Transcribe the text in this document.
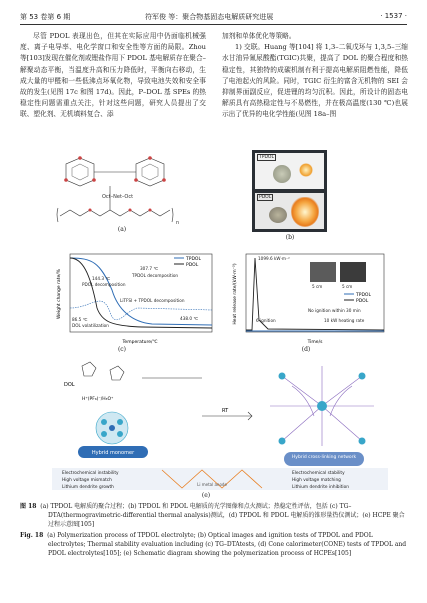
第 53 卷第 6 期	符军俊 等：聚合物基固态电解质研究进展	· 1537 ·

尽管 PDOL 表现出色，但其在实际应用中仍面临机械强度、离子电导率、电化学窗口和安全性等方面的局限。Zhou 等[103]发现在催化剂或锂盐作用下 PDOL 基电解质存在聚合–解聚动态平衡，当温度升高和压力降低时，平衡向右移动，生成大量的甲醛和一些低沸点环氧化物，导致电池失效和安全事故的发生(见图 17c 和图 17d)。因此，P–DOL 基 SPEs 的热稳定性问题需重点关注，针对这些问题，研究人员提出了交联、塑化剂、无机填料复合、添

加剂和单体优化等策略。

1) 交联。Huang 等[104] 将 1,3–二氧戊环与 1,3,5–三缩水甘油异氰尿酸酯(TGIC)共聚，提高了 DOL 的聚合程度和热稳定性，其独特的成碳机制有利于提高电解质阻燃性能，降低了电池起火的风险。同时，TGIC 衍生的富含无机物的 SEI 会抑制界面副反应，促进锂的均匀沉积。因此，所设计的固态电解质具有高热稳定性与不易燃性，并在极高温度(130 ℃)也展示出了优异的电化学性能(见图 18a–图

Oct–Net–Oct
n
(a)
TPDOL
PDOL
(b)
144.3 ℃
PDOL decomposition
307.7 ℃
TPDOL decomposition
LiTFSI + TPDOL decomposition
86.5 ℃
DOL volatilization
438.0 ℃
TPDOL
PDOL
Temperature/℃
Weight change rate/%
(c)
1099.6 kW·m⁻²
5 cm	5 cm
6 ignition
No ignition within 30 min
10 kW heating rate
TPDOL
PDOL
Time/s
Heat release rate/(kW·m⁻²)
(d)
DOL
H⁺(PF₆)⁻/H₃O⁺
RT
Hybrid monomer
Hybrid cross-linking network
Electrochemical instability
High voltage mismatch
Lithium dendrite growth
Electrochemical stability
High voltage matching
Lithium dendrite inhibition
Li metal anode
(e)
图 18 (a) TPDOL 电解质的聚合过程；(b) TPDOL 和 PDOL 电解质的光学图像和点火测试；热稳定性评估，包括 (c) TG–DTA(thermogravimetric-differential thermal analysis)测试，(d) TPDOL 和 PDOL 电解质的锥形量热仪测试；(e) HCPE 聚合过程示意图[105]
Fig. 18 (a) Polymerization process of TPDOL electrolyte; (b) Optical images and ignition tests of TPDOL and PDOL electrolytes; Thermal stability evaluation including (c) TG–DTAtests, (d) Cone calorimeter(CONE) tests of TPDOL and PDOL electrolytes[105]; (e) Schematic diagram showing the polymerization process of HCPEs[105]
